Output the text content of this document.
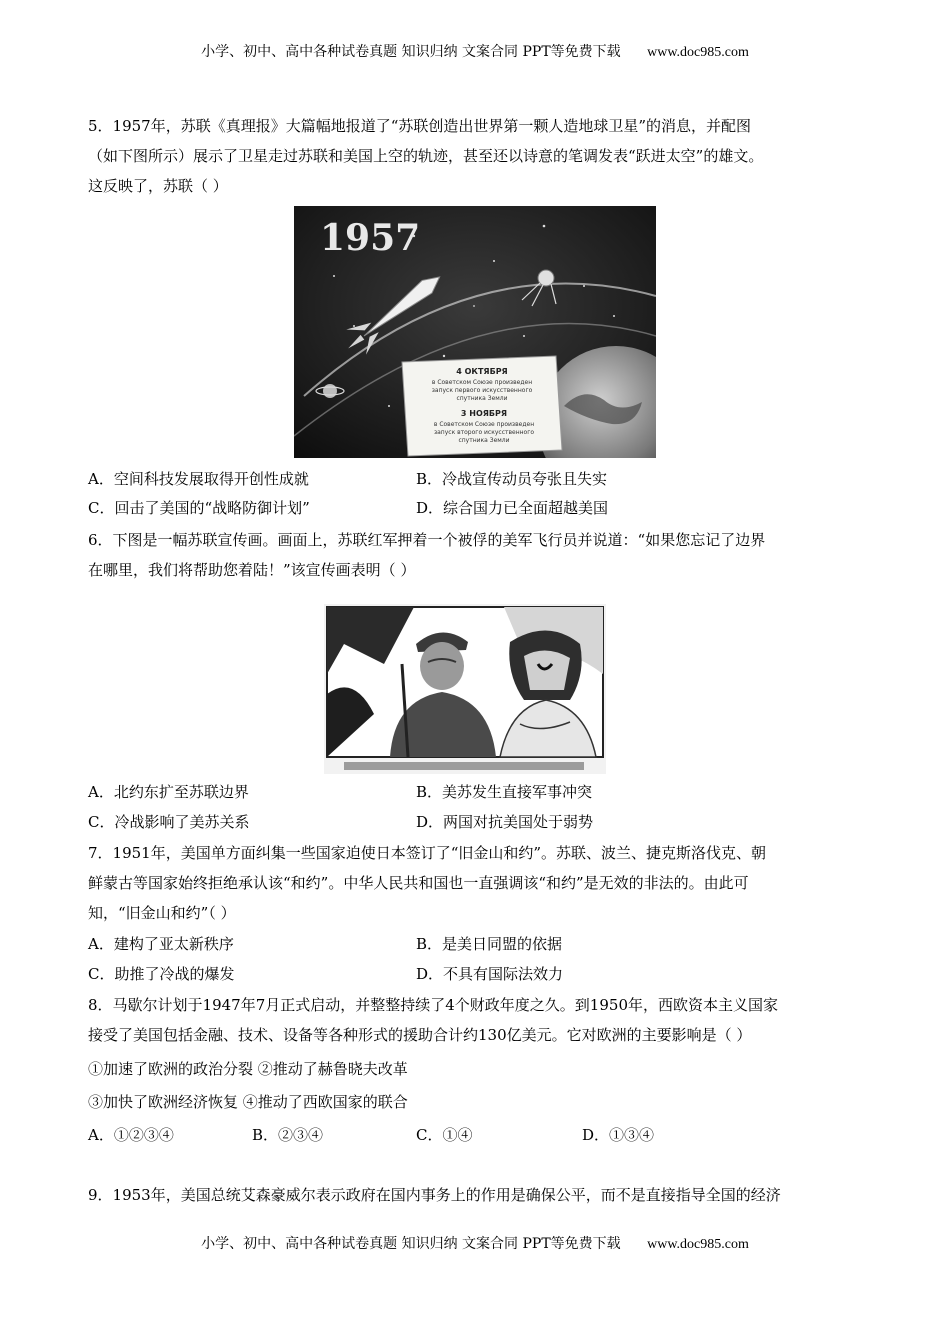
小学、初中、高中各种试卷真题 知识归纳 文案合同 PPT等免费下载 www.doc985.com
5．1957年，苏联《真理报》大篇幅地报道了“苏联创造出世界第一颗人造地球卫星”的消息，并配图
（如下图所示）展示了卫星走过苏联和美国上空的轨迹，甚至还以诗意的笔调发表“跃进太空”的雄文。
这反映了，苏联（ ）
1957
4 ОКТЯБРЯ
в Советском Союзе произведен
запуск первого искусственного
спутника Земли
3 НОЯБРЯ
в Советском Союзе произведен
запуск второго искусственного
спутника Земли
A．空间科技发展取得开创性成就	B．冷战宣传动员夸张且失实
C．回击了美国的“战略防御计划”	D．综合国力已全面超越美国
6．下图是一幅苏联宣传画。画面上，苏联红军押着一个被俘的美军飞行员并说道：“如果您忘记了边界
在哪里，我们将帮助您着陆！”该宣传画表明（ ）
A．北约东扩至苏联边界	B．美苏发生直接军事冲突
C．冷战影响了美苏关系	D．两国对抗美国处于弱势
7．1951年，美国单方面纠集一些国家迫使日本签订了“旧金山和约”。苏联、波兰、捷克斯洛伐克、朝
鲜蒙古等国家始终拒绝承认该“和约”。中华人民共和国也一直强调该“和约”是无效的非法的。由此可
知，“旧金山和约”（ ）
A．建构了亚太新秩序	B．是美日同盟的依据
C．助推了冷战的爆发	D．不具有国际法效力
8．马歇尔计划于1947年7月正式启动，并整整持续了4个财政年度之久。到1950年，西欧资本主义国家
接受了美国包括金融、技术、设备等各种形式的援助合计约130亿美元。它对欧洲的主要影响是（ ）
①加速了欧洲的政治分裂 ②推动了赫鲁晓夫改革
③加快了欧洲经济恢复 ④推动了西欧国家的联合
A．①②③④	B．②③④	C．①④	D．①③④
9．1953年，美国总统艾森豪威尔表示政府在国内事务上的作用是确保公平，而不是直接指导全国的经济
小学、初中、高中各种试卷真题 知识归纳 文案合同 PPT等免费下载 www.doc985.com
